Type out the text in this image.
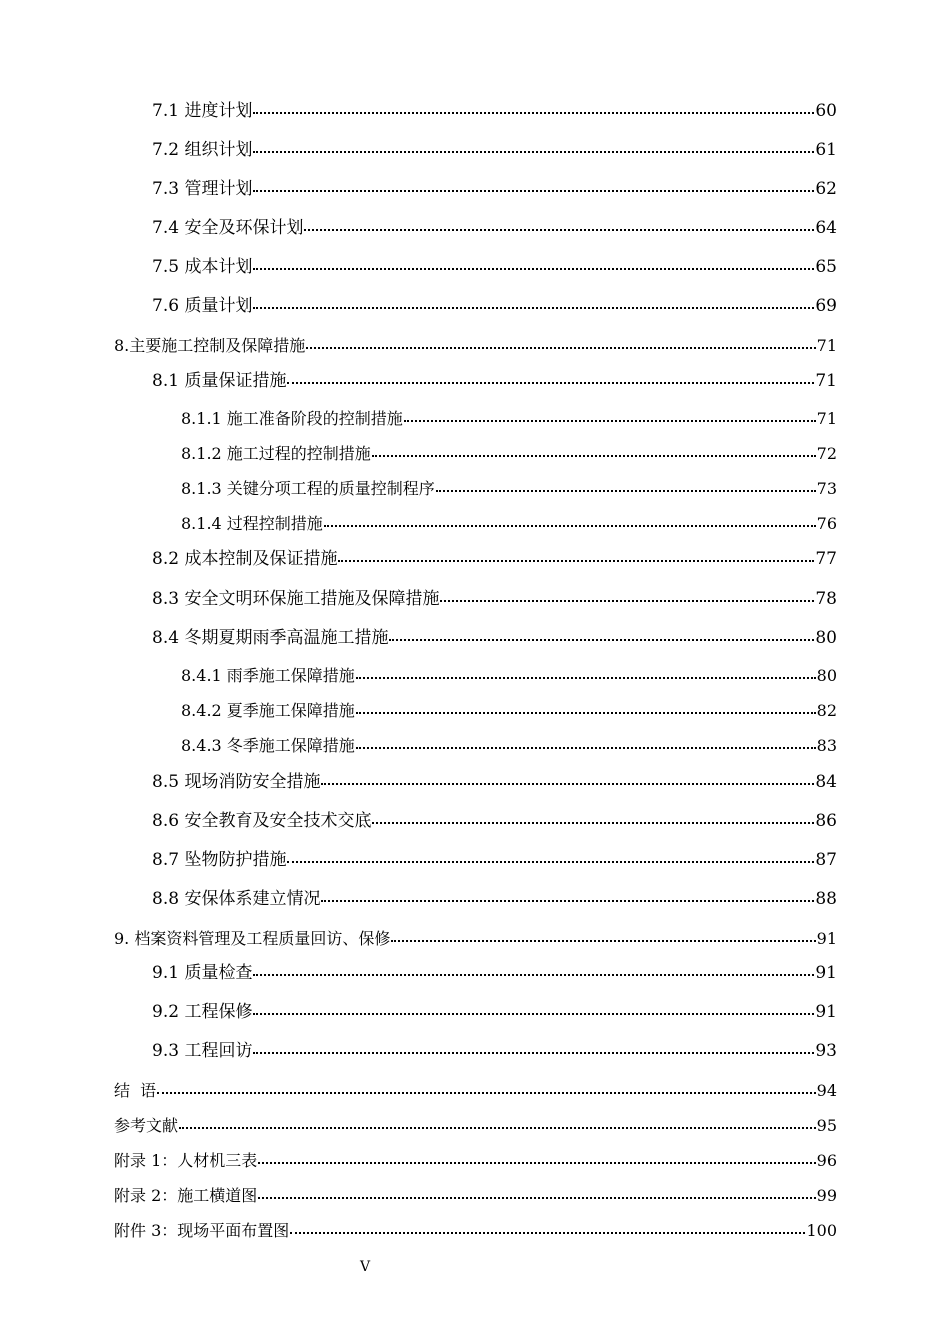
7.1 进度计划	60
7.2 组织计划	61
7.3 管理计划	62
7.4 安全及环保计划	64
7.5 成本计划	65
7.6 质量计划	69
8.主要施工控制及保障措施	71
8.1 质量保证措施	71
8.1.1 施工准备阶段的控制措施	71
8.1.2 施工过程的控制措施	72
8.1.3 关键分项工程的质量控制程序	73
8.1.4 过程控制措施	76
8.2 成本控制及保证措施	77
8.3 安全文明环保施工措施及保障措施	78
8.4 冬期夏期雨季高温施工措施	80
8.4.1 雨季施工保障措施	80
8.4.2 夏季施工保障措施	82
8.4.3 冬季施工保障措施	83
8.5 现场消防安全措施	84
8.6 安全教育及安全技术交底	86
8.7 坠物防护措施	87
8.8 安保体系建立情况	88
9. 档案资料管理及工程质量回访、保修	91
9.1 质量检查	91
9.2 工程保修	91
9.3 工程回访	93
结  语	94
参考文献	95
附录 1：人材机三表	96
附录 2：施工横道图	99
附件 3：现场平面布置图	100
V
